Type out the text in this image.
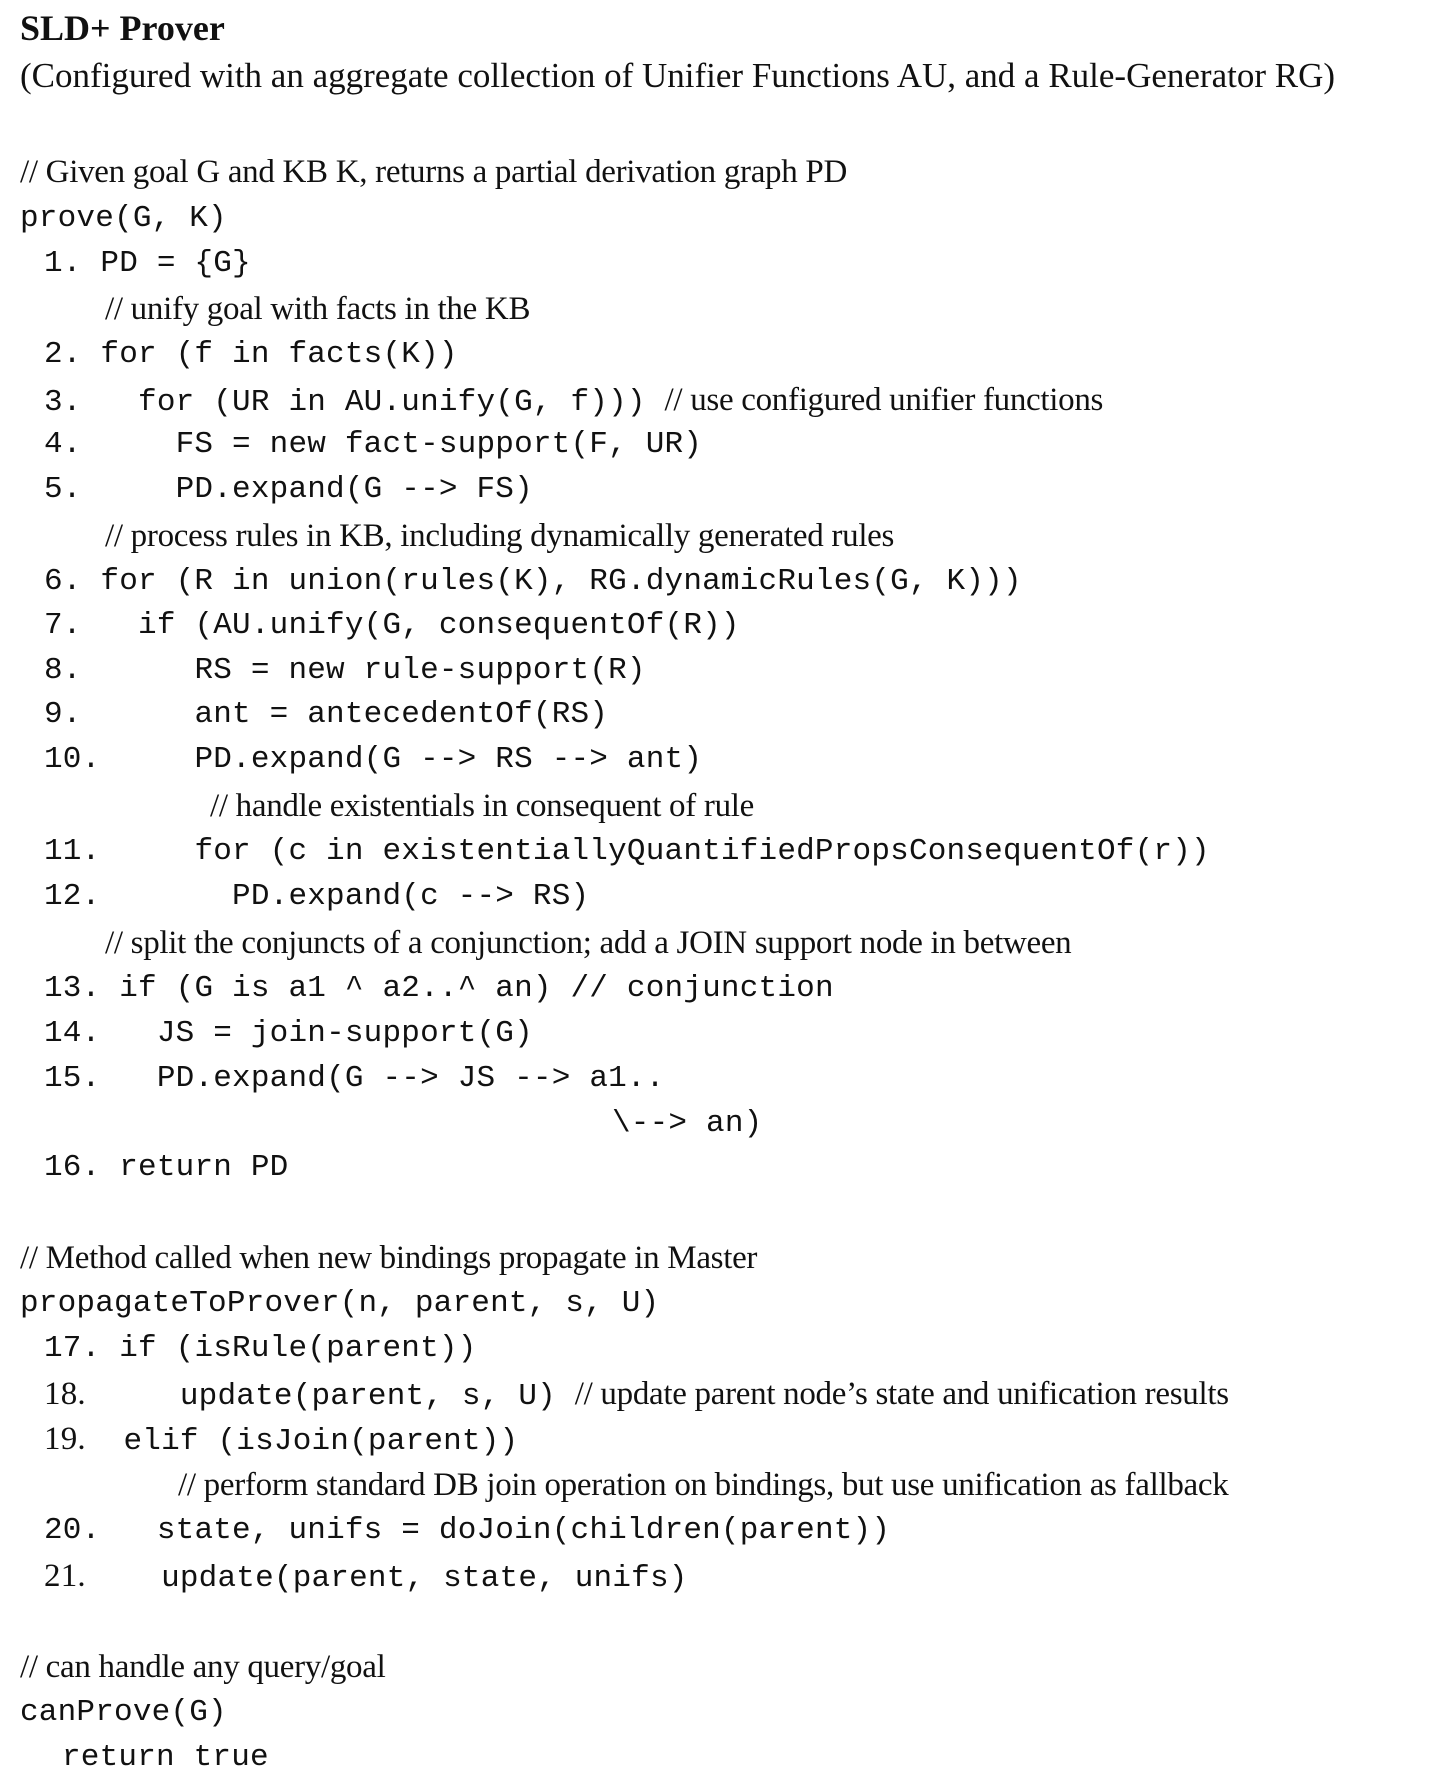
SLD+ Prover
(Configured with an aggregate collection of Unifier Functions AU, and a Rule-Generator RG)
// Given goal G and KB K, returns a partial derivation graph PD
prove(G, K)
1. PD = {G}
// unify goal with facts in the KB
2. for (f in facts(K))
3. for (UR in AU.unify(G, f))) // use configured unifier functions
4.	FS = new fact-support(F, UR)
5.	PD.expand(G --> FS)
// process rules in KB, including dynamically generated rules
6. for (R in union(rules(K), RG.dynamicRules(G, K)))
7. if (AU.unify(G, consequentOf(R))
8.	RS = new rule-support(R)
9.	ant = antecedentOf(RS)
10.	PD.expand(G --> RS --> ant)
// handle existentials in consequent of rule
11.	for (c in existentiallyQuantifiedPropsConsequentOf(r))
12.	PD.expand(c --> RS)
// split the conjuncts of a conjunction; add a JOIN support node in between
13. if (G is a1 ^ a2..^ an) // conjunction
14. JS = join-support(G)
15. PD.expand(G --> JS --> a1..
\--> an)
16. return PD
// Method called when new bindings propagate in Master
propagateToProver(n, parent, s, U)
17. if (isRule(parent))
18.	update(parent, s, U) // update parent node’s state and unification results
19. elif (isJoin(parent))
// perform standard DB join operation on bindings, but use unification as fallback
20. state, unifs = doJoin(children(parent))
21. update(parent, state, unifs)
// can handle any query/goal
canProve(G)
return true
